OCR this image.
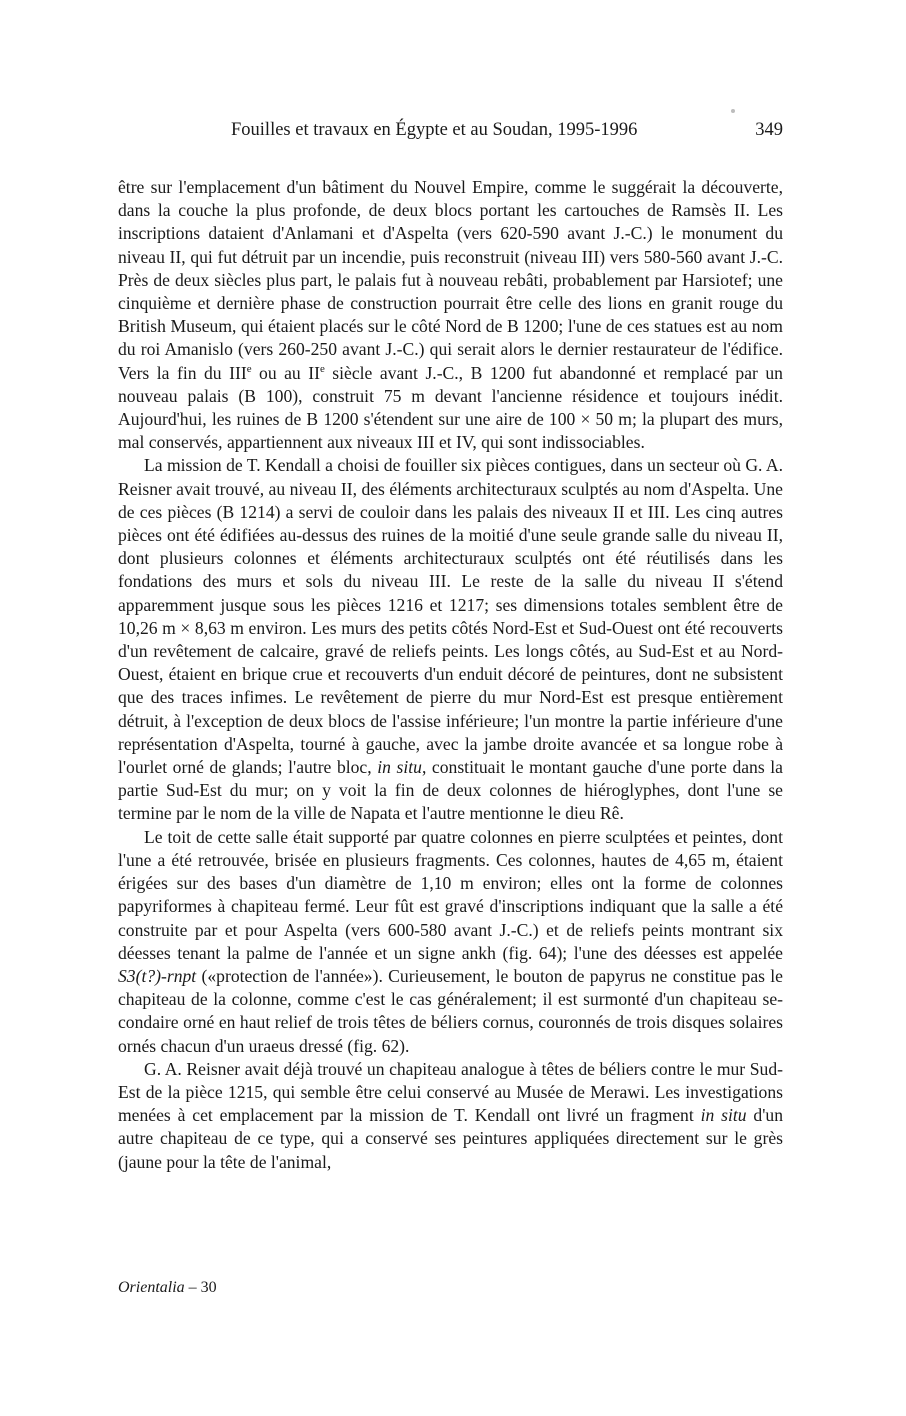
Fouilles et travaux en Égypte et au Soudan, 1995-1996	349

être sur l'emplacement d'un bâtiment du Nouvel Empire, comme le suggérait la découverte, dans la couche la plus profonde, de deux blocs portant les cartouches de Ramsès II. Les inscriptions dataient d'Anlamani et d'Aspelta (vers 620-590 avant J.-C.) le monument du niveau II, qui fut détruit par un incendie, puis reconstruit (niveau III) vers 580-560 avant J.-C. Près de deux siècles plus part, le palais fut à nouveau rebâti, probablement par Harsiotef; une cinquième et dernière phase de construction pourrait être celle des lions en granit rouge du British Museum, qui étaient placés sur le côté Nord de B 1200; l'une de ces statues est au nom du roi Amanislo (vers 260-250 avant J.-C.) qui serait alors le dernier restaurateur de l'édifice. Vers la fin du IIIe ou au IIe siècle avant J.-C., B 1200 fut abandonné et remplacé par un nouveau palais (B 100), construit 75 m devant l'ancienne résidence et toujours inédit. Aujourd'hui, les ruines de B 1200 s'étendent sur une aire de 100 × 50 m; la plupart des murs, mal conservés, appartiennent aux niveaux III et IV, qui sont indissociables.

La mission de T. Kendall a choisi de fouiller six pièces contigues, dans un secteur où G. A. Reisner avait trouvé, au niveau II, des éléments architecturaux sculptés au nom d'Aspelta. Une de ces pièces (B 1214) a servi de couloir dans les palais des niveaux II et III. Les cinq autres pièces ont été édifiées au-dessus des ruines de la moitié d'une seule grande salle du niveau II, dont plusieurs colonnes et éléments architecturaux sculptés ont été réutilisés dans les fondations des murs et sols du niveau III. Le reste de la salle du niveau II s'étend apparemment jusque sous les pièces 1216 et 1217; ses dimensions totales semblent être de 10,26 m × 8,63 m environ. Les murs des petits côtés Nord-Est et Sud-Ouest ont été recouverts d'un revêtement de calcaire, gravé de reliefs peints. Les longs côtés, au Sud-Est et au Nord-Ouest, étaient en brique crue et recouverts d'un enduit décoré de peintures, dont ne subsistent que des traces infimes. Le revêtement de pierre du mur Nord-Est est presque entièrement détruit, à l'exception de deux blocs de l'assise inférieure; l'un montre la partie inférieure d'une représentation d'Aspelta, tourné à gauche, avec la jambe droite avancée et sa longue robe à l'ourlet orné de glands; l'autre bloc, in situ, constituait le montant gauche d'une porte dans la partie Sud-Est du mur; on y voit la fin de deux colonnes de hiéroglyphes, dont l'une se termine par le nom de la ville de Napata et l'autre mentionne le dieu Rê.

Le toit de cette salle était supporté par quatre colonnes en pierre sculptées et peintes, dont l'une a été retrouvée, brisée en plusieurs fragments. Ces colonnes, hautes de 4,65 m, étaient érigées sur des bases d'un diamètre de 1,10 m environ; elles ont la forme de colonnes papyriformes à chapiteau fermé. Leur fût est gravé d'inscriptions indiquant que la salle a été construite par et pour Aspelta (vers 600-580 avant J.-C.) et de reliefs peints montrant six déesses tenant la palme de l'année et un signe ankh (fig. 64); l'une des déesses est appelée S3(t?)-rnpt («protection de l'année»). Curieusement, le bouton de papyrus ne constitue pas le chapiteau de la colonne, comme c'est le cas généralement; il est surmonté d'un chapiteau secondaire orné en haut relief de trois têtes de béliers cornus, couronnés de trois disques solaires ornés chacun d'un uraeus dressé (fig. 62).

G. A. Reisner avait déjà trouvé un chapiteau analogue à têtes de béliers contre le mur Sud-Est de la pièce 1215, qui semble être celui conservé au Musée de Merawi. Les investigations menées à cet emplacement par la mission de T. Kendall ont livré un fragment in situ d'un autre chapiteau de ce type, qui a conservé ses peintures appliquées directement sur le grès (jaune pour la tête de l'animal,

Orientalia – 30
